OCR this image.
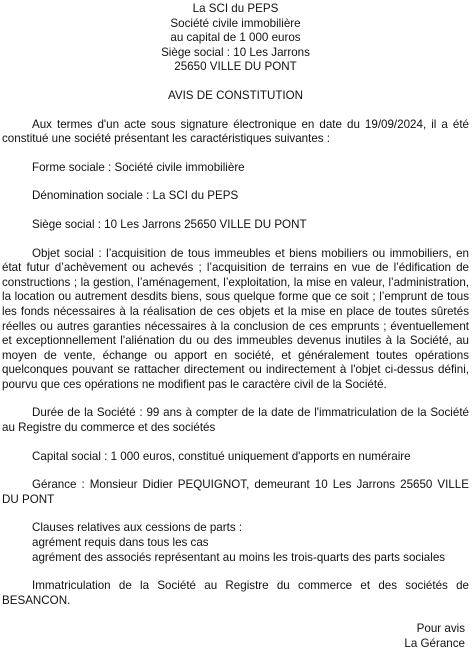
La SCI du PEPS
Société civile immobilière
au capital de 1 000 euros
Siège social : 10 Les Jarrons
25650 VILLE DU PONT
AVIS DE CONSTITUTION

Aux termes d'un acte sous signature électronique en date du 19/09/2024, il a été constitué une société présentant les caractéristiques suivantes :

Forme sociale : Société civile immobilière

Dénomination sociale : La SCI du PEPS

Siège social : 10 Les Jarrons 25650 VILLE DU PONT

Objet social : l’acquisition de tous immeubles et biens mobiliers ou immobiliers, en état futur d’achèvement ou achevés ; l’acquisition de terrains en vue de l’édification de constructions ; la gestion, l’aménagement, l’exploitation, la mise en valeur, l’administration, la location ou autrement desdits biens, sous quelque forme que ce soit ; l’emprunt de tous les fonds nécessaires à la réalisation de ces objets et la mise en place de toutes sûretés réelles ou autres garanties nécessaires à la conclusion de ces emprunts ; éventuellement et exceptionnellement l'aliénation du ou des immeubles devenus inutiles à la Société, au moyen de vente, échange ou apport en société, et généralement toutes opérations quelconques pouvant se rattacher directement ou indirectement à l'objet ci-dessus défini, pourvu que ces opérations ne modifient pas le caractère civil de la Société.

Durée de la Société : 99 ans à compter de la date de l'immatriculation de la Société au Registre du commerce et des sociétés

Capital social : 1 000 euros, constitué uniquement d'apports en numéraire

Gérance : Monsieur Didier PEQUIGNOT, demeurant 10 Les Jarrons 25650 VILLE DU PONT

Clauses relatives aux cessions de parts :
agrément requis dans tous les cas
agrément des associés représentant au moins les trois-quarts des parts sociales

Immatriculation de la Société au Registre du commerce et des sociétés de BESANCON.

Pour avis
La Gérance
